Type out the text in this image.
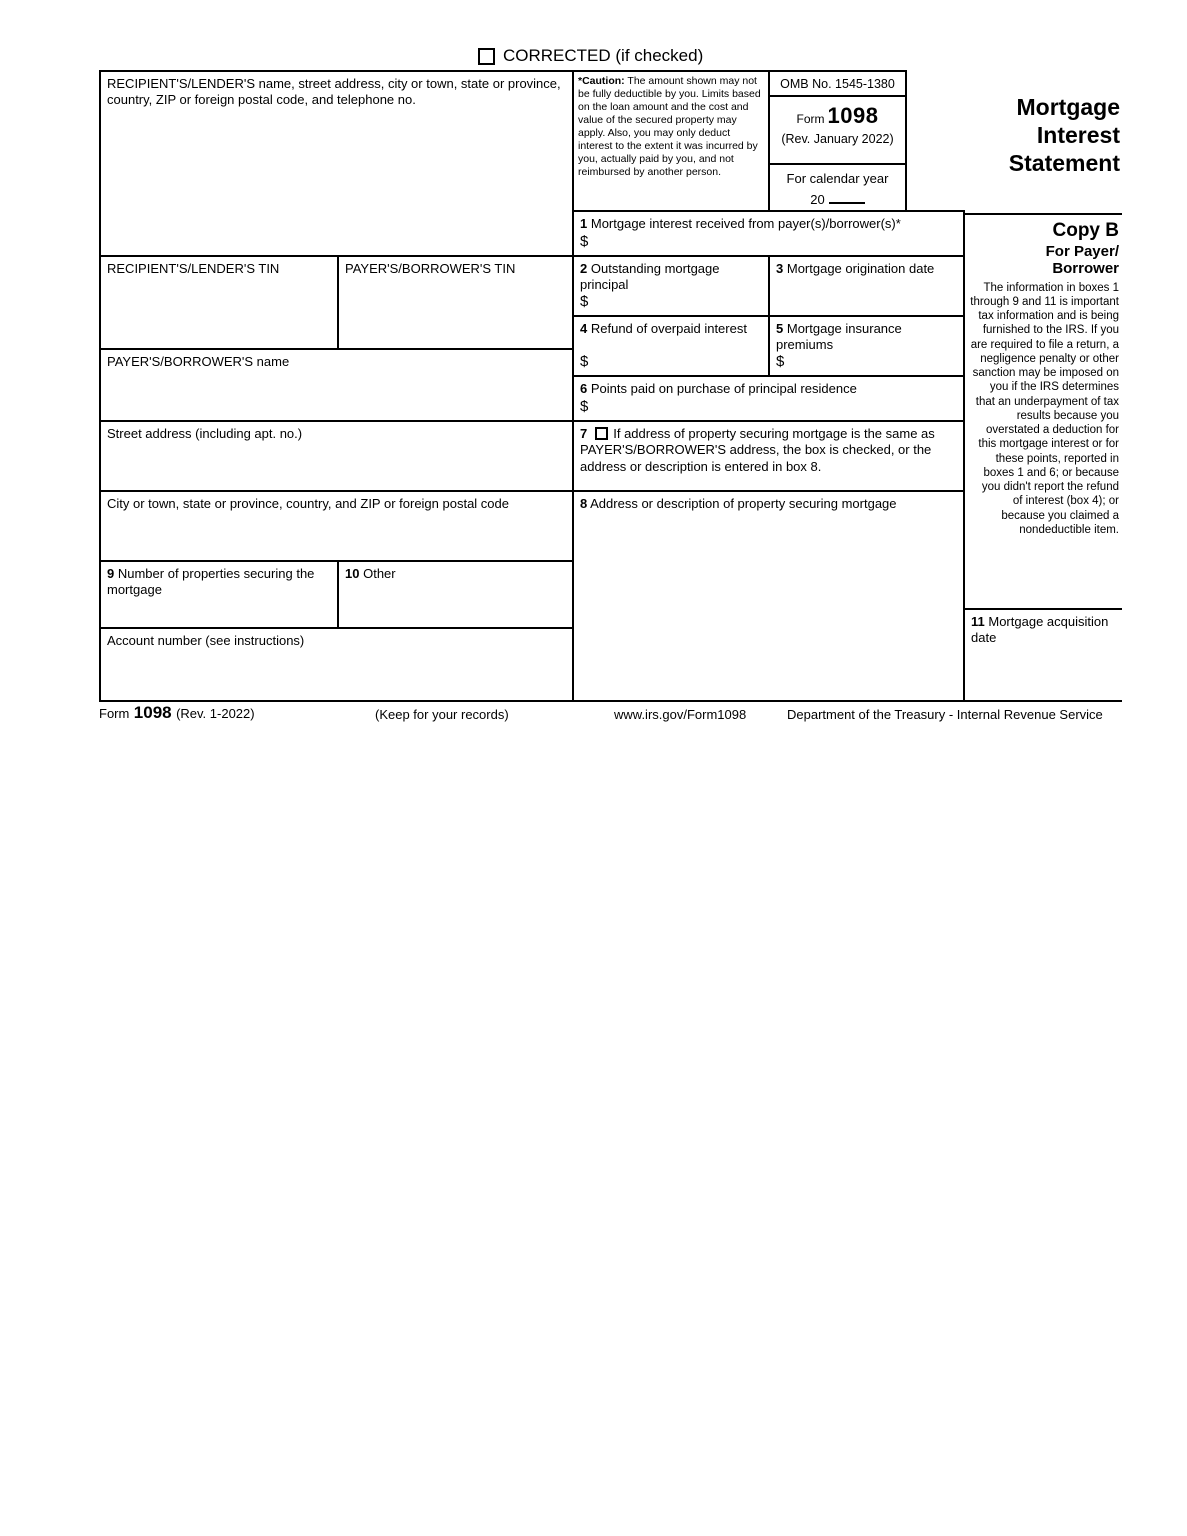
CORRECTED (if checked)
RECIPIENT'S/LENDER'S name, street address, city or town, state or province, country, ZIP or foreign postal code, and telephone no.
*Caution: The amount shown may not be fully deductible by you. Limits based on the loan amount and the cost and value of the secured property may apply. Also, you may only deduct interest to the extent it was incurred by you, actually paid by you, and not reimbursed by another person.
OMB No. 1545-1380
Form 1098
(Rev. January 2022)
For calendar year
20
Mortgage
Interest
Statement
1 Mortgage interest received from payer(s)/borrower(s)*
$
RECIPIENT'S/LENDER'S TIN	PAYER'S/BORROWER'S TIN	2 Outstanding mortgage principal
$
3 Mortgage origination date
4 Refund of overpaid interest
$
5 Mortgage insurance premiums
$
PAYER'S/BORROWER'S name
6 Points paid on purchase of principal residence
$
Street address (including apt. no.)	7 If address of property securing mortgage is the same as PAYER'S/BORROWER'S address, the box is checked, or the address or description is entered in box 8.
City or town, state or province, country, and ZIP or foreign postal code	8 Address or description of property securing mortgage
9 Number of properties securing the mortgage
10 Other
Account number (see instructions)
Copy B
For Payer/
Borrower
The information in boxes 1 through 9 and 11 is important tax information and is being furnished to the IRS. If you are required to file a return, a negligence penalty or other sanction may be imposed on you if the IRS determines that an underpayment of tax results because you overstated a deduction for this mortgage interest or for these points, reported in boxes 1 and 6; or because you didn't report the refund of interest (box 4); or because you claimed a nondeductible item.
11 Mortgage acquisition date
Form 1098 (Rev. 1-2022)	(Keep for your records)	www.irs.gov/Form1098	Department of the Treasury - Internal Revenue Service
